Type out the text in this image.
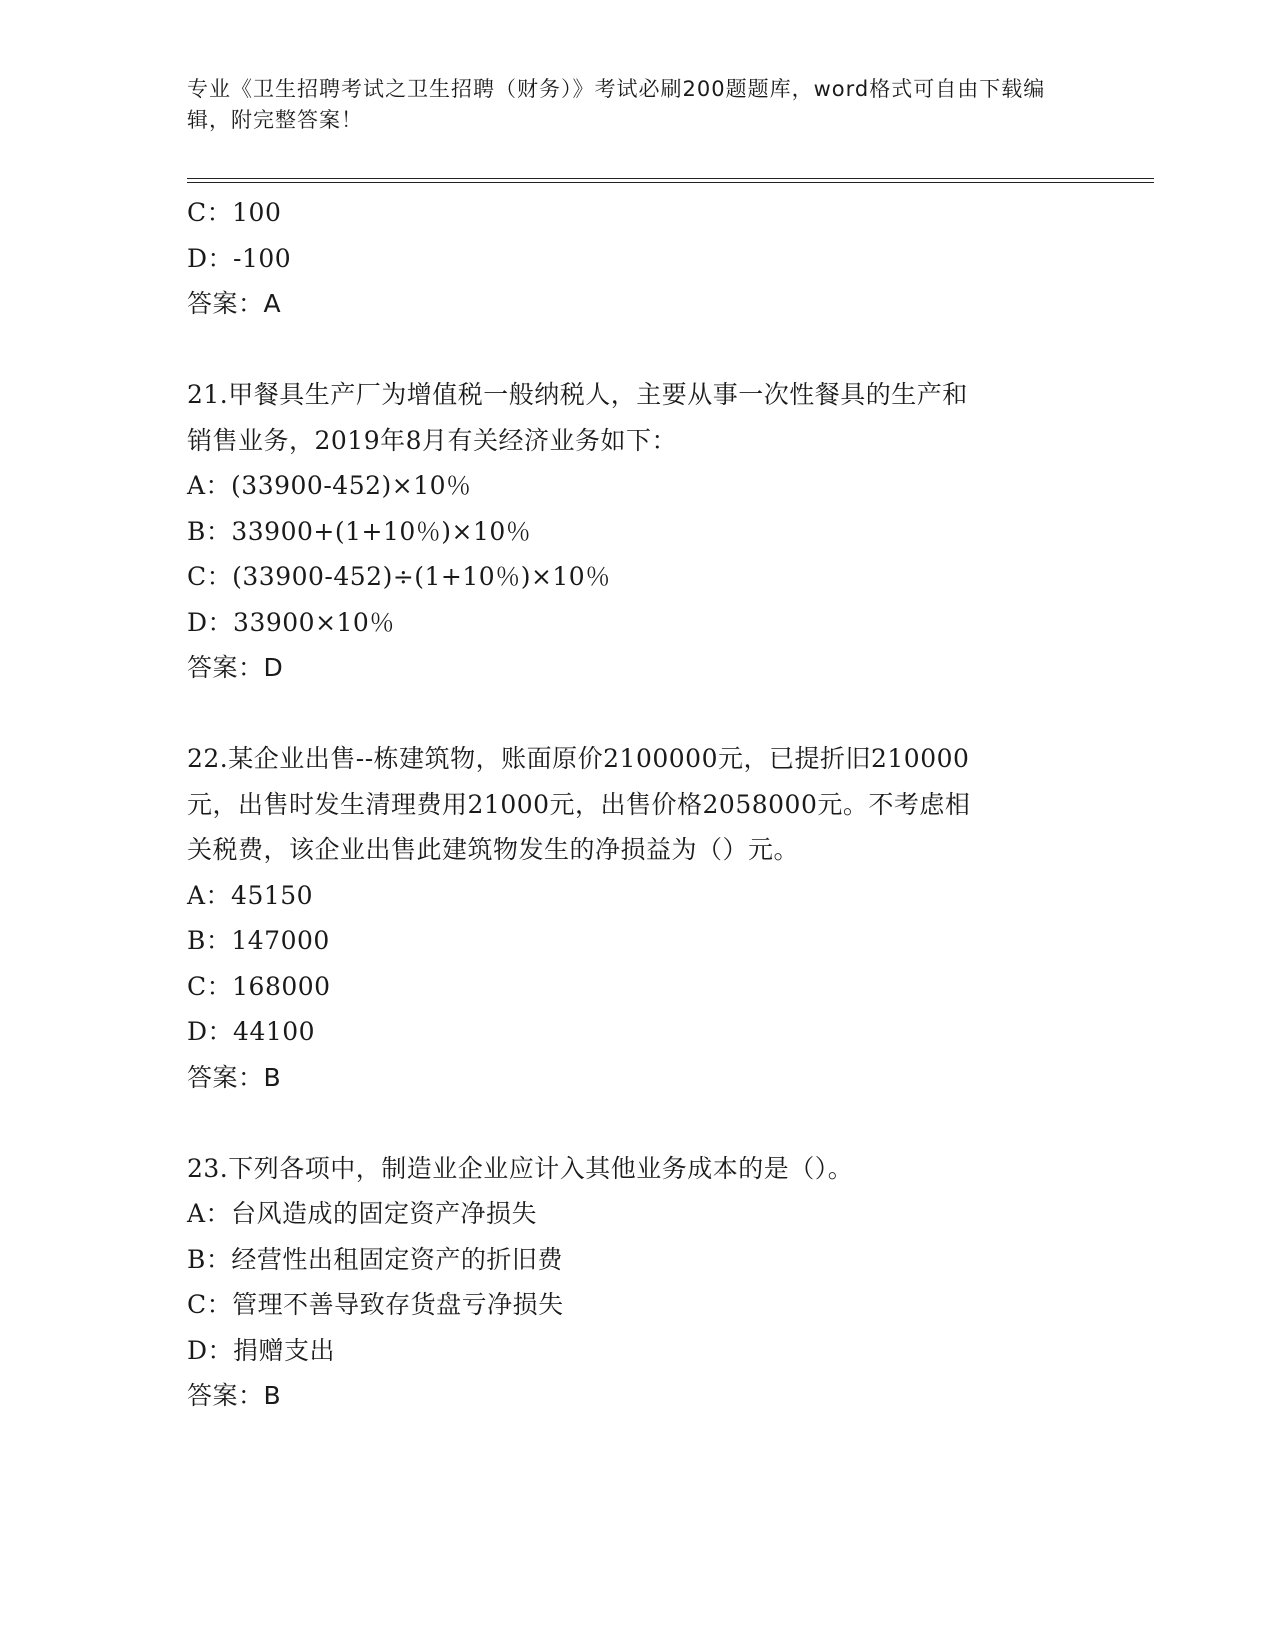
专业《卫生招聘考试之卫生招聘（财务）》考试必刷200题题库，word格式可自由下载编辑，附完整答案！
C：100
D：-100
答案：A
21.甲餐具生产厂为增值税一般纳税人，主要从事一次性餐具的生产和
销售业务，2019年8月有关经济业务如下：
A：(33900-452)×10％
B：33900+(1+10％)×10％
C：(33900-452)÷(1+10％)×10％
D：33900×10％
答案：D
22.某企业出售--栋建筑物，账面原价2100000元，已提折旧210000
元，出售时发生清理费用21000元，出售价格2058000元。不考虑相
关税费，该企业出售此建筑物发生的净损益为（）元。
A：45150
B：147000
C：168000
D：44100
答案：B
23.下列各项中，制造业企业应计入其他业务成本的是（）。
A：台风造成的固定资产净损失
B：经营性出租固定资产的折旧费
C：管理不善导致存货盘亏净损失
D：捐赠支出
答案：B
